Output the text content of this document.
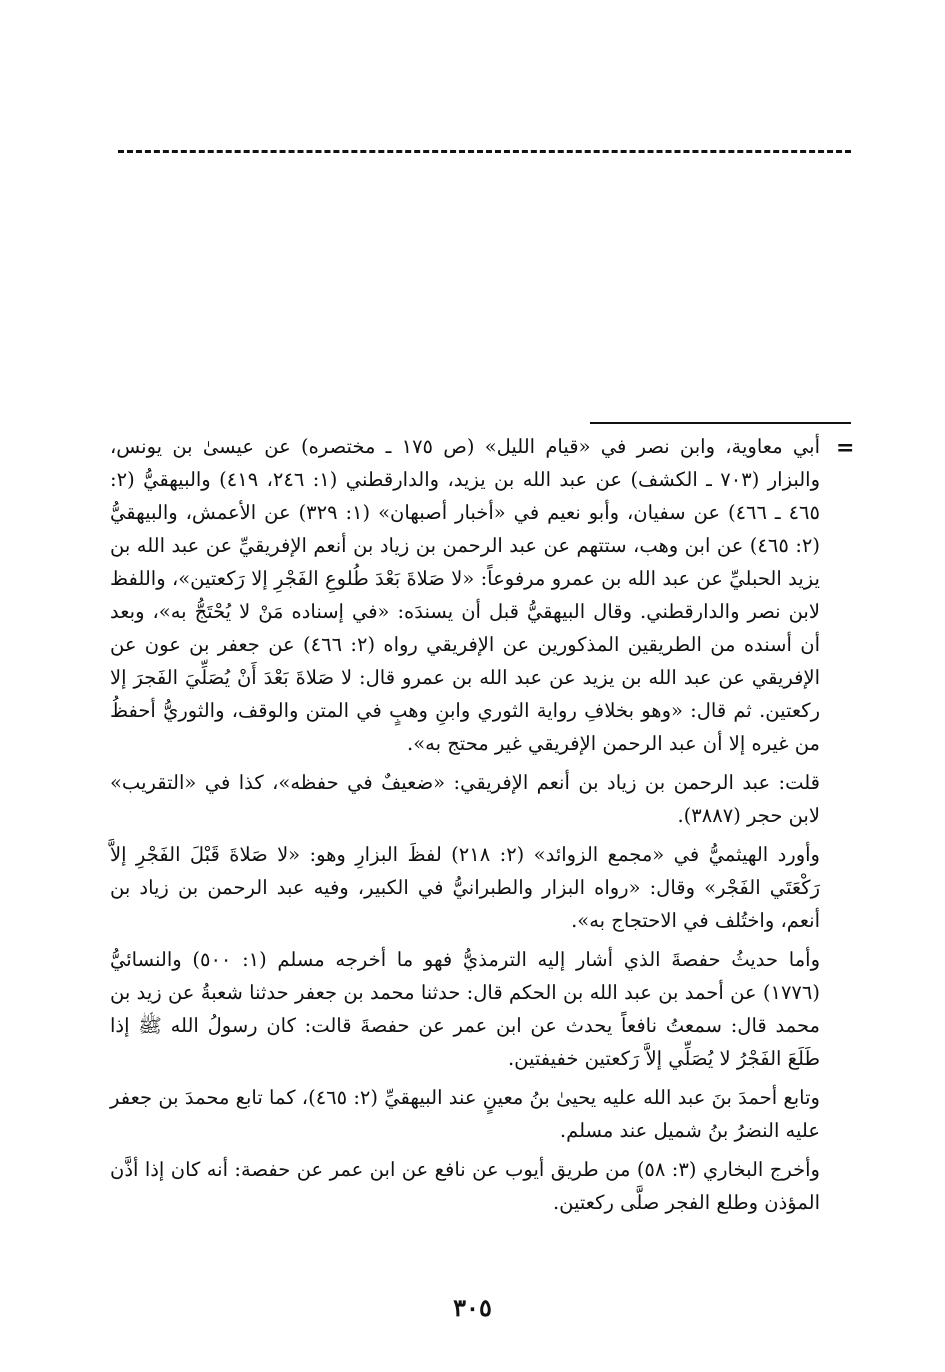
=

أبي معاوية، وابن نصر في «قيام الليل» (ص ١٧٥ ـ مختصره) عن عيسىٰ بن يونس، والبزار (٧٠٣ ـ الكشف) عن عبد الله بن يزيد، والدارقطني (١: ٢٤٦، ٤١٩) والبيهقيُّ (٢: ٤٦٥ ـ ٤٦٦) عن سفيان، وأبو نعيم في «أخبار أصبهان» (١: ٣٢٩) عن الأعمش، والبيهقيُّ (٢: ٤٦٥) عن ابن وهب، ستتهم عن عبد الرحمن بن زياد بن أنعم الإفريقيِّ عن عبد الله بن يزيد الحبليِّ عن عبد الله بن عمرو مرفوعاً: «لا صَلاةَ بَعْدَ طُلوعِ الفَجْرِ إلا رَكعتين»، واللفظ لابن نصر والدارقطني. وقال البيهقيُّ قبل أن يسندَه: «في إسناده مَنْ لا يُحْتَجُّ به»، وبعد أن أسنده من الطريقين المذكورين عن الإفريقي رواه (٢: ٤٦٦) عن جعفر بن عون عن الإفريقي عن عبد الله بن يزيد عن عبد الله بن عمرو قال: لا صَلاةَ بَعْدَ أَنْ يُصَلِّيَ الفَجرَ إلا ركعتين. ثم قال: «وهو بخلافِ رواية الثوري وابنِ وهبٍ في المتن والوقف، والثوريُّ أحفظُ من غيره إلا أن عبد الرحمن الإفريقي غير محتج به».

قلت: عبد الرحمن بن زياد بن أنعم الإفريقي: «ضعيفٌ في حفظه»، كذا في «التقريب» لابن حجر (٣٨٨٧).

وأورد الهيثميُّ في «مجمع الزوائد» (٢: ٢١٨) لفظَ البزارِ وهو: «لا صَلاةَ قَبْلَ الفَجْرِ إلاَّ رَكْعَتَي الفَجْر» وقال: «رواه البزار والطبرانيُّ في الكبير، وفيه عبد الرحمن بن زياد بن أنعم، واختُلف في الاحتجاج به».

وأما حديثُ حفصةَ الذي أشار إليه الترمذيُّ فهو ما أخرجه مسلم (١: ٥٠٠) والنسائيُّ (١٧٧٦) عن أحمد بن عبد الله بن الحكم قال: حدثنا محمد بن جعفر حدثنا شعبةُ عن زيد بن محمد قال: سمعتُ نافعاً يحدث عن ابن عمر عن حفصةَ قالت: كان رسولُ الله ﷺ إذا طَلَعَ الفَجْرُ لا يُصَلِّي إلاَّ رَكعتين خفيفتين.

وتابع أحمدَ بنَ عبد الله عليه يحيىٰ بنُ معينٍ عند البيهقيِّ (٢: ٤٦٥)، كما تابع محمدَ بن جعفر عليه النضرُ بنُ شميل عند مسلم.

وأخرج البخاري (٣: ٥٨) من طريق أيوب عن نافع عن ابن عمر عن حفصة: أنه كان إذا أذَّن المؤذن وطلع الفجر صلَّى ركعتين.

٣٠٥
